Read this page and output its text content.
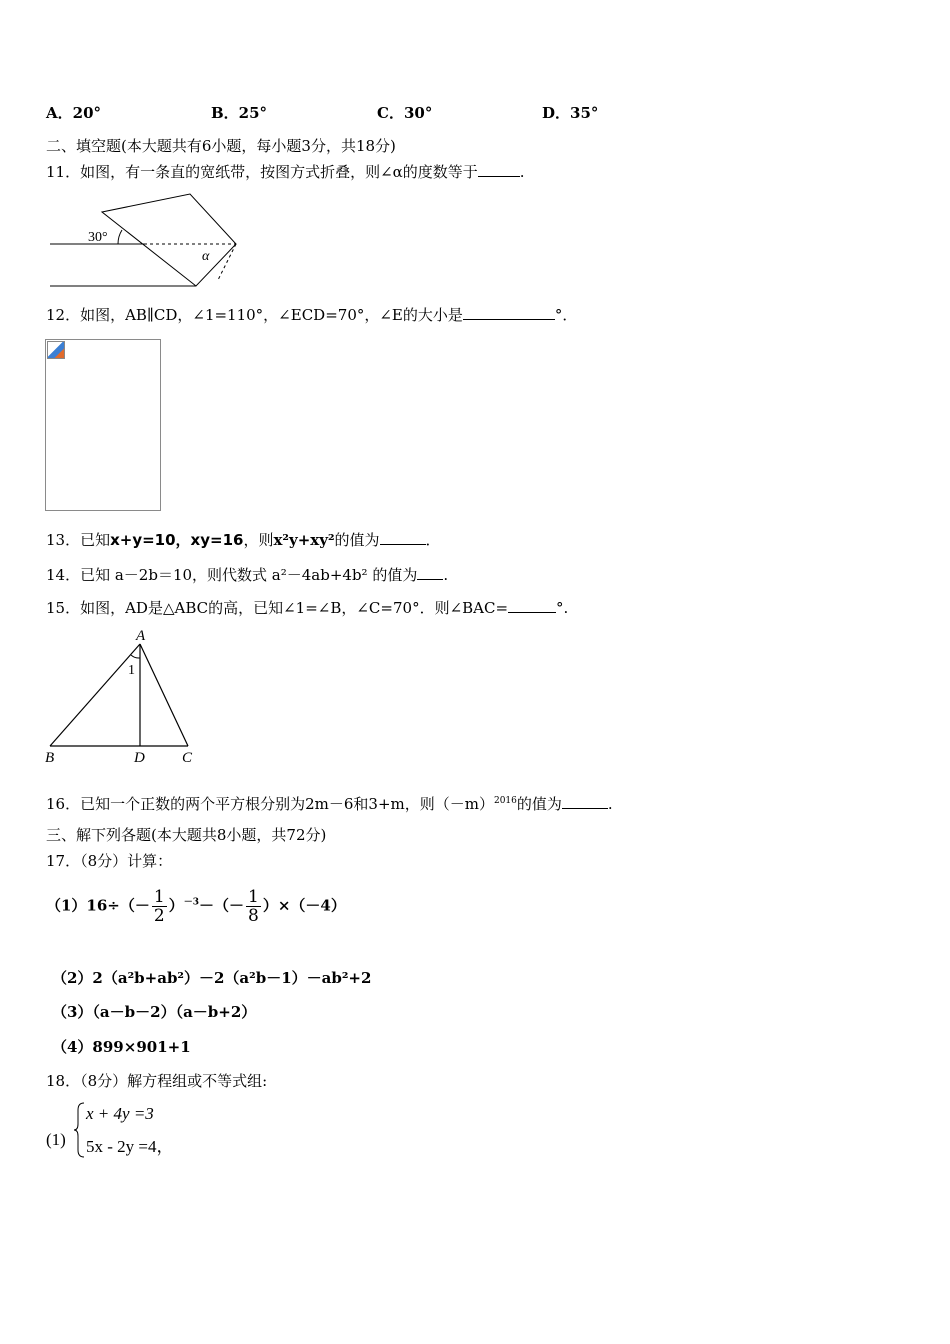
A．20°	B．25°	C．30°	D．35°
二、填空题(本大题共有6小题，每小题3分，共18分)
11．如图，有一条直的宽纸带，按图方式折叠，则∠α的度数等于	.
30°
α
12．如图，AB∥CD，∠1=110°，∠ECD=70°，∠E的大小是	°．
13．已知x+y=10，xy=16，则x²y+xy²的值为	．
14．已知 a－2b＝10，则代数式 a²－4ab+4b² 的值为 .
15．如图，AD是△ABC的高，已知∠1=∠B，∠C=70°．则∠BAC=	°.
A
1
B	D C
16．已知一个正数的两个平方根分别为2m－6和3+m，则$(-m)^{2016}$的值为	.
三、解下列各题(本大题共8小题，共72分)
17．（8分）计算：
$(1)16\div(- \frac{1}{2} )^{-3}-(- \frac{1}{8} )\times(-4)$
（2）2（a²b+ab²）－2（a²b－1）－ab²+2
（3）（a－b－2）（a－b+2）
（4）899×901+1
18．（8分）解方程组或不等式组:
(1)
x + 4y =3
5x - 2y =4，
